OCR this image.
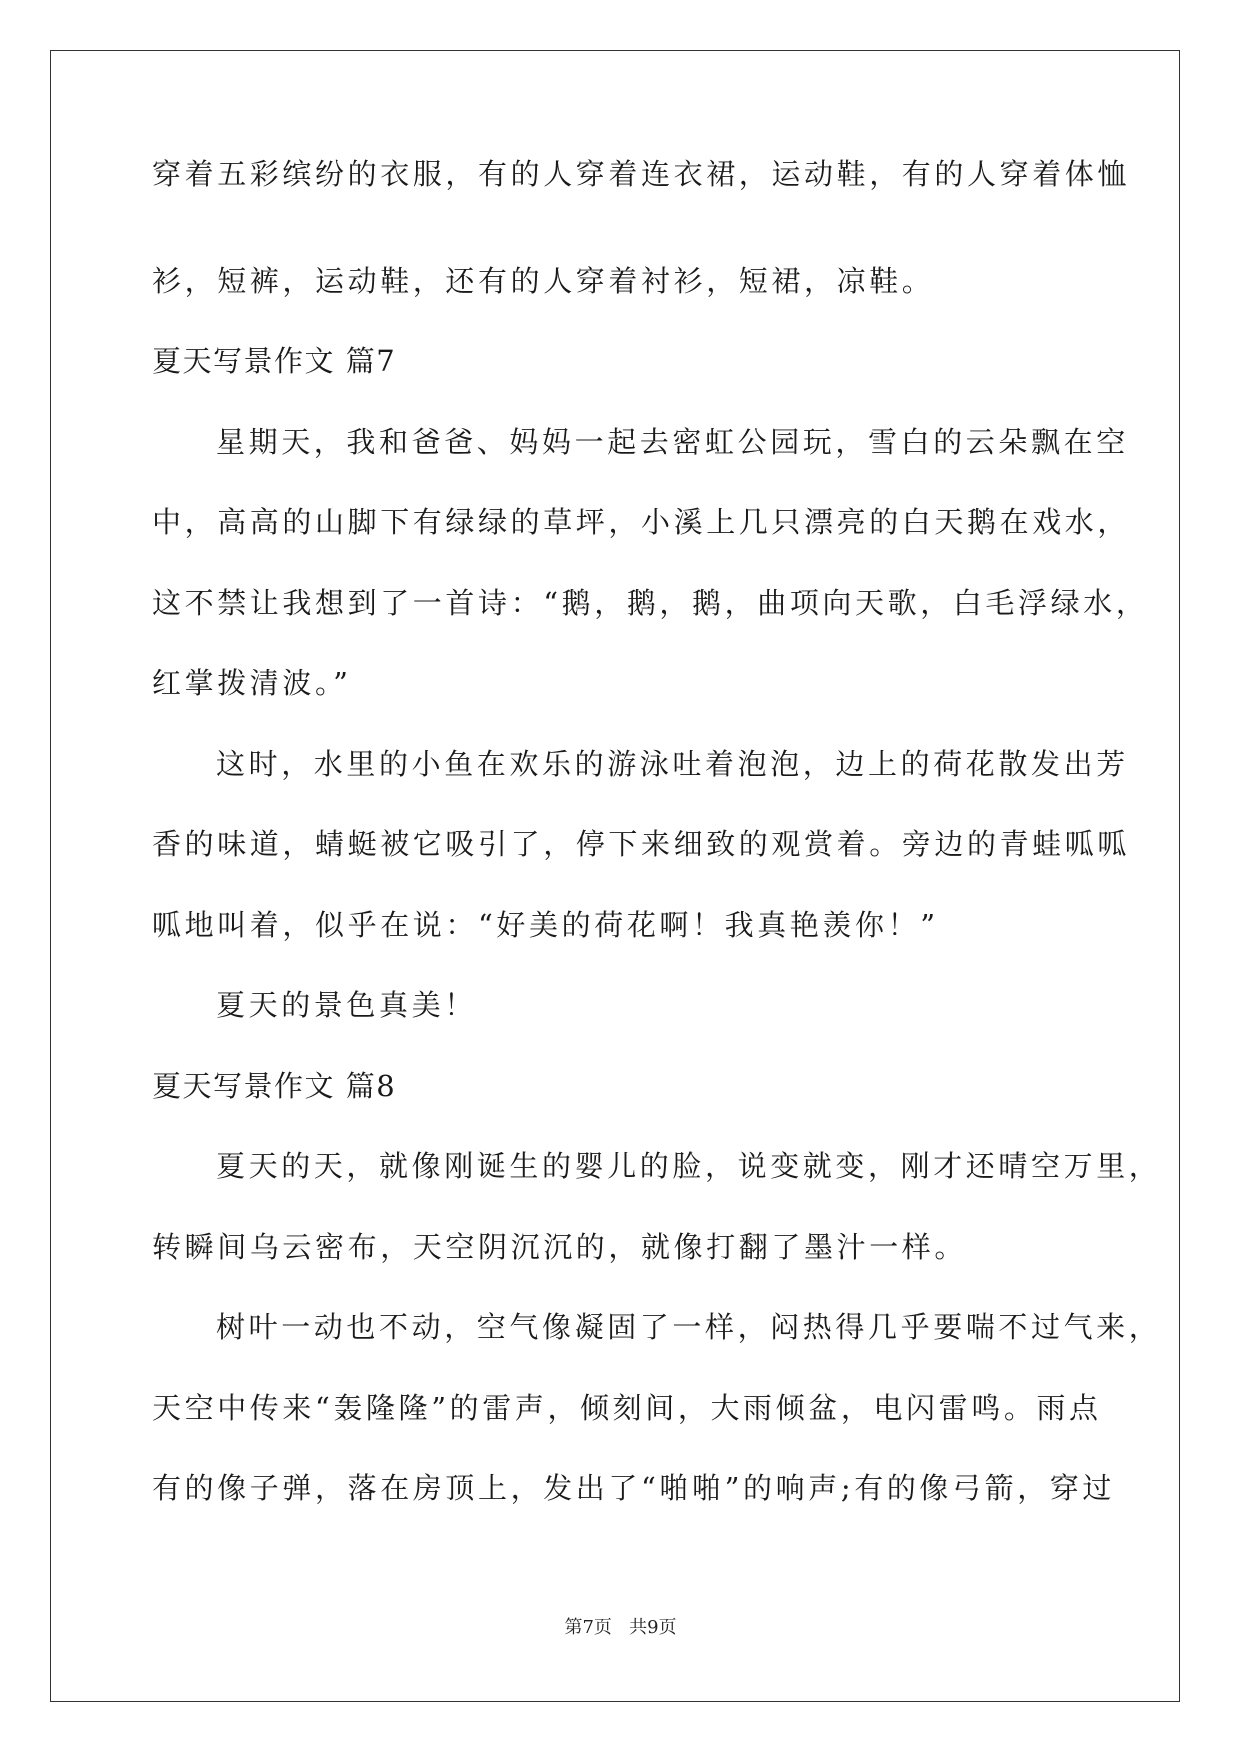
穿着五彩缤纷的衣服，有的人穿着连衣裙，运动鞋，有的人穿着体恤
衫，短裤，运动鞋，还有的人穿着衬衫，短裙，凉鞋。
夏天写景作文 篇7
星期天，我和爸爸、妈妈一起去密虹公园玩，雪白的云朵飘在空
中，高高的山脚下有绿绿的草坪，小溪上几只漂亮的白天鹅在戏水，
这不禁让我想到了一首诗：“鹅，鹅，鹅，曲项向天歌，白毛浮绿水，
红掌拨清波。”
这时，水里的小鱼在欢乐的游泳吐着泡泡，边上的荷花散发出芳
香的味道，蜻蜓被它吸引了，停下来细致的观赏着。旁边的青蛙呱呱
呱地叫着，似乎在说：“好美的荷花啊！我真艳羡你！”
夏天的景色真美！
夏天写景作文 篇8
夏天的天，就像刚诞生的婴儿的脸，说变就变，刚才还晴空万里，
转瞬间乌云密布，天空阴沉沉的，就像打翻了墨汁一样。
树叶一动也不动，空气像凝固了一样，闷热得几乎要喘不过气来，
天空中传来“轰隆隆”的雷声，倾刻间，大雨倾盆，电闪雷鸣。雨点
有的像子弹，落在房顶上，发出了“啪啪”的响声;有的像弓箭，穿过
第7页 共9页
